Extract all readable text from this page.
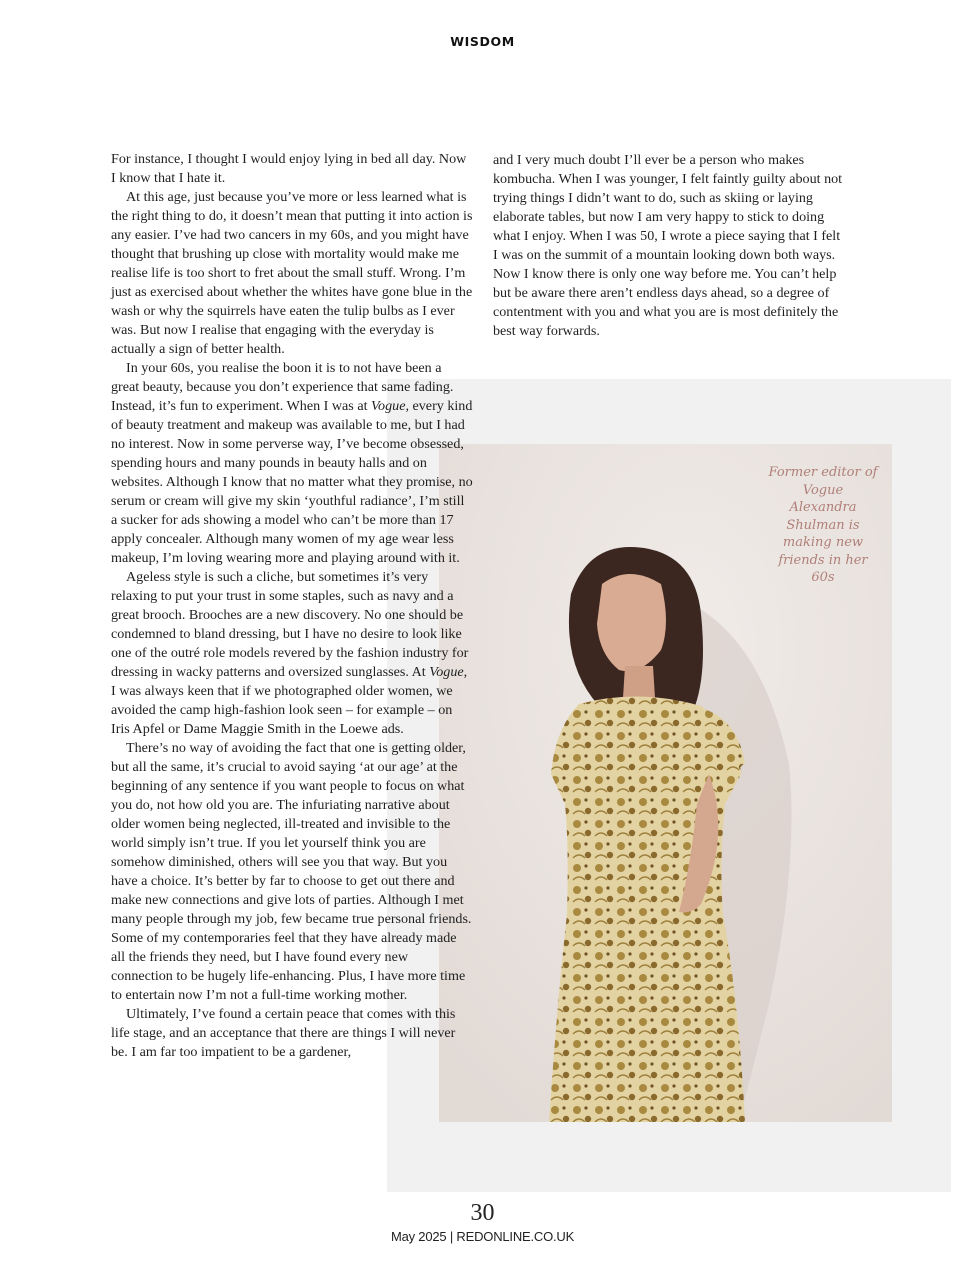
WISDOM
Former editor of Vogue Alexandra Shulman is making new friends in her 60s

For instance, I thought I would enjoy lying in bed all day. Now I know that I hate it.

At this age, just because you’ve more or less learned what is the right thing to do, it doesn’t mean that putting it into action is any easier. I’ve had two cancers in my 60s, and you might have thought that brushing up close with mortality would make me realise life is too short to fret about the small stuff. Wrong. I’m just as exercised about whether the whites have gone blue in the wash or why the squirrels have eaten the tulip bulbs as I ever was. But now I realise that engaging with the everyday is actually a sign of better health.

In your 60s, you realise the boon it is to not have been a great beauty, because you don’t experience that same fading. Instead, it’s fun to experiment. When I was at Vogue, every kind of beauty treatment and makeup was available to me, but I had no interest. Now in some perverse way, I’ve become obsessed, spending hours and many pounds in beauty halls and on websites. Although I know that no matter what they promise, no serum or cream will give my skin ‘youthful radiance’, I’m still a sucker for ads showing a model who can’t be more than 17 apply concealer. Although many women of my age wear less makeup, I’m loving wearing more and playing around with it.

Ageless style is such a cliche, but sometimes it’s very relaxing to put your trust in some staples, such as navy and a great brooch. Brooches are a new discovery. No one should be condemned to bland dressing, but I have no desire to look like one of the outré role models revered by the fashion industry for dressing in wacky patterns and oversized sunglasses. At Vogue, I was always keen that if we photographed older women, we avoided the camp high-fashion look seen – for example – on Iris Apfel or Dame Maggie Smith in the Loewe ads.

There’s no way of avoiding the fact that one is getting older, but all the same, it’s crucial to avoid saying ‘at our age’ at the beginning of any sentence if you want people to focus on what you do, not how old you are. The infuriating narrative about older women being neglected, ill-treated and invisible to the world simply isn’t true. If you let yourself think you are somehow diminished, others will see you that way. But you have a choice. It’s better by far to choose to get out there and make new connections and give lots of parties. Although I met many people through my job, few became true personal friends. Some of my contemporaries feel that they have already made all the friends they need, but I have found every new connection to be hugely life-enhancing. Plus, I have more time to entertain now I’m not a full-time working mother.

Ultimately, I’ve found a certain peace that comes with this life stage, and an acceptance that there are things I will never be. I am far too impatient to be a gardener,

and I very much doubt I’ll ever be a person who makes kombucha. When I was younger, I felt faintly guilty about not trying things I didn’t want to do, such as skiing or laying elaborate tables, but now I am very happy to stick to doing what I enjoy. When I was 50, I wrote a piece saying that I felt I was on the summit of a mountain looking down both ways. Now I know there is only one way before me. You can’t help but be aware there aren’t endless days ahead, so a degree of contentment with you and what you are is most definitely the best way forwards.

30
May 2025 | REDONLINE.CO.UK
